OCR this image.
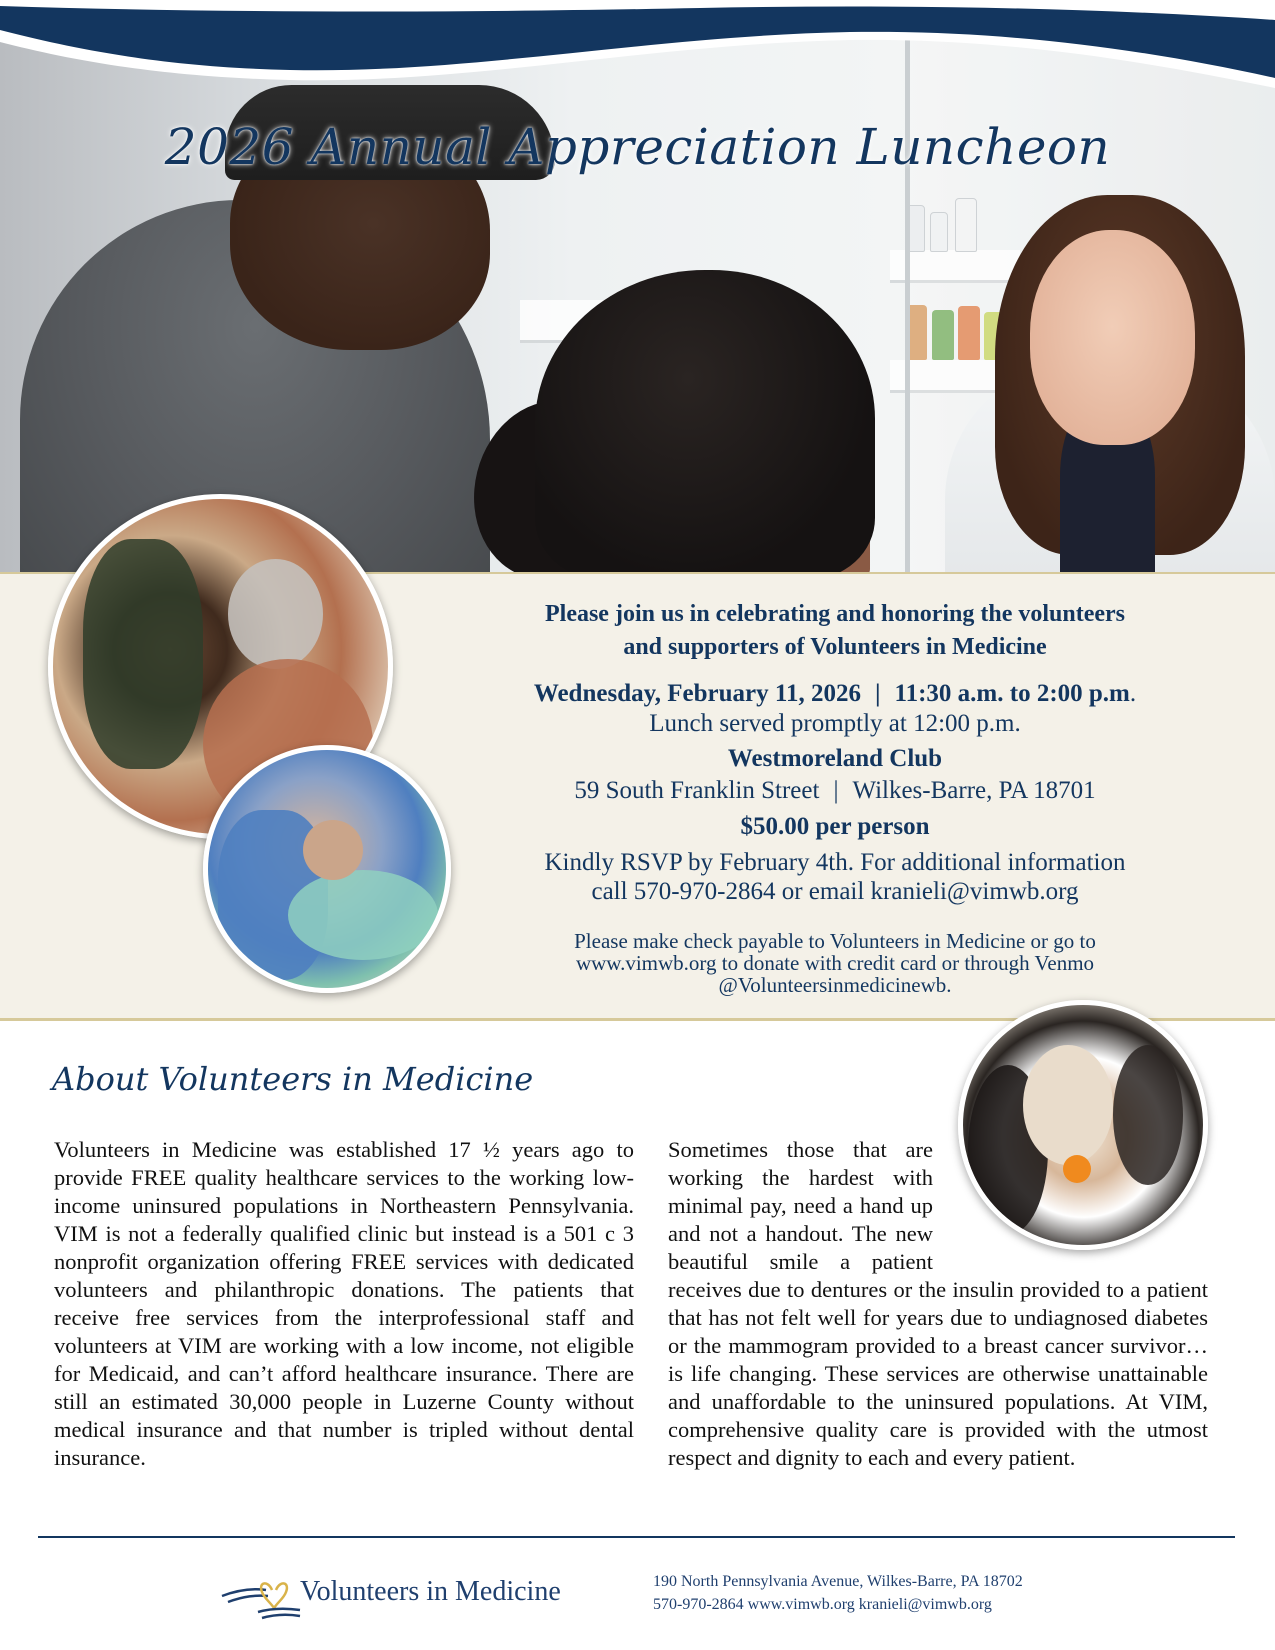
2026 Annual Appreciation Luncheon
Please join us in celebrating and honoring the volunteers
and supporters of Volunteers in Medicine
Wednesday, February 11, 2026 | 11:30 a.m. to 2:00 p.m.
Lunch served promptly at 12:00 p.m.
Westmoreland Club
59 South Franklin Street | Wilkes-Barre, PA 18701
$50.00 per person
Kindly RSVP by February 4th. For additional information
call 570-970-2864 or email kranieli@vimwb.org
Please make check payable to Volunteers in Medicine or go to
www.vimwb.org to donate with credit card or through Venmo
@Volunteersinmedicinewb.
About Volunteers in Medicine
Volunteers in Medicine was established 17 ½ years ago to provide FREE quality healthcare services to the working low-income uninsured populations in Northeastern Pennsylvania. VIM is not a federally qualified clinic but instead is a 501 c 3 nonprofit organization offering FREE services with dedicated volunteers and philanthropic donations. The patients that receive free services from the interprofessional staff and volunteers at VIM are working with a low income, not eligible for Medicaid, and can’t afford healthcare insurance. There are still an estimated 30,000 people in Luzerne County without medical insurance and that number is tripled without dental insurance.
Sometimes those that are working the hardest with minimal pay, need a hand up and not a handout. The new beautiful smile a patient receives due to dentures or the insulin provided to a patient that has not felt well for years due to undiagnosed diabetes or the mammogram provided to a breast cancer survivor…is life changing. These services are otherwise unattainable and unaffordable to the uninsured populations. At VIM, comprehensive quality care is provided with the utmost respect and dignity to each and every patient.
Volunteers in Medicine	190 North Pennsylvania Avenue, Wilkes-Barre, PA 18702
570-970-2864 www.vimwb.org kranieli@vimwb.org
